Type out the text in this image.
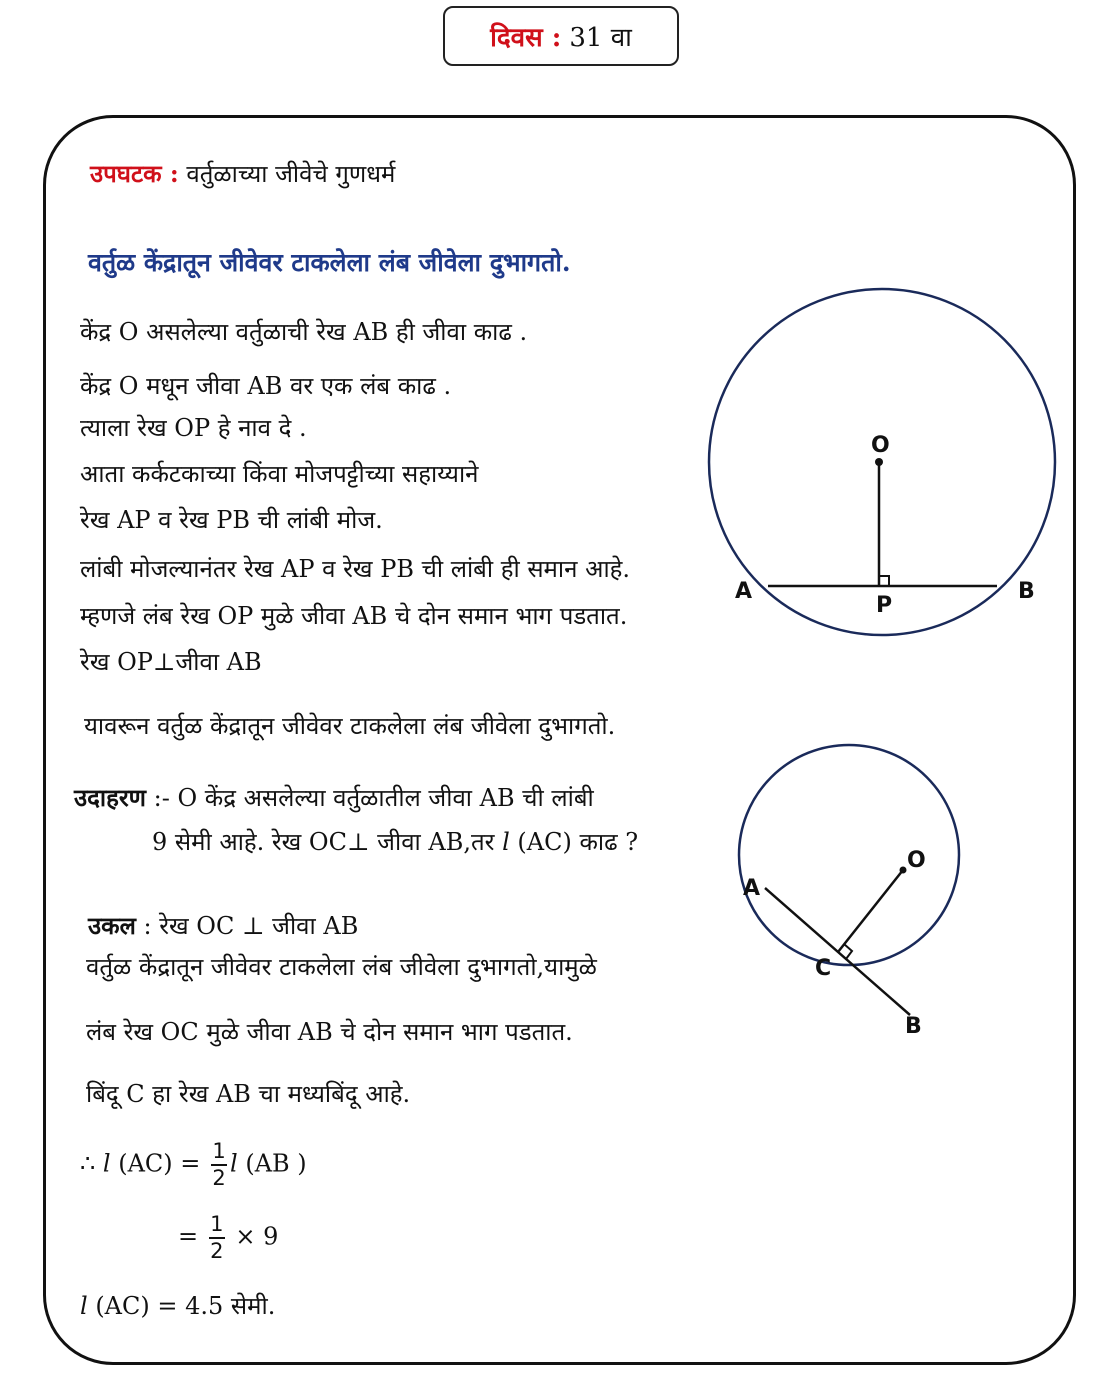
दिवस : 31 वा
उपघटक : वर्तुळाच्या जीवेचे गुणधर्म
वर्तुळ केंद्रातून जीवेवर टाकलेला लंब जीवेला दुभागतो.
केंद्र O असलेल्या वर्तुळाची रेख AB ही जीवा काढ .
केंद्र O मधून जीवा AB वर एक लंब काढ .
त्याला रेख OP हे नाव दे .
आता कर्कटकाच्या किंवा मोजपट्टीच्या सहाय्याने
रेख AP व रेख PB ची लांबी मोज.
लांबी मोजल्यानंतर रेख AP व रेख PB ची लांबी ही समान आहे.
म्हणजे लंब रेख OP मुळे जीवा AB चे दोन समान भाग पडतात.
रेख OP⊥जीवा AB
यावरून वर्तुळ केंद्रातून जीवेवर टाकलेला लंब जीवेला दुभागतो.
उदाहरण :- O केंद्र असलेल्या वर्तुळातील जीवा AB ची लांबी
9 सेमी आहे. रेख OC⊥ जीवा AB,तर l (AC) काढ ?
उकल : रेख OC ⊥ जीवा AB
वर्तुळ केंद्रातून जीवेवर टाकलेला लंब जीवेला दुभागतो,यामुळे
लंब रेख OC मुळे जीवा AB चे दोन समान भाग पडतात.
बिंदू C हा रेख AB चा मध्यबिंदू आहे.
∴ l $(AC) = \frac{1}{2}$ l (AB )
= $\frac{1}{2} \times 9$
l (AC) = 4.5 सेमी.
O
A
P
B
O
A
C
B
